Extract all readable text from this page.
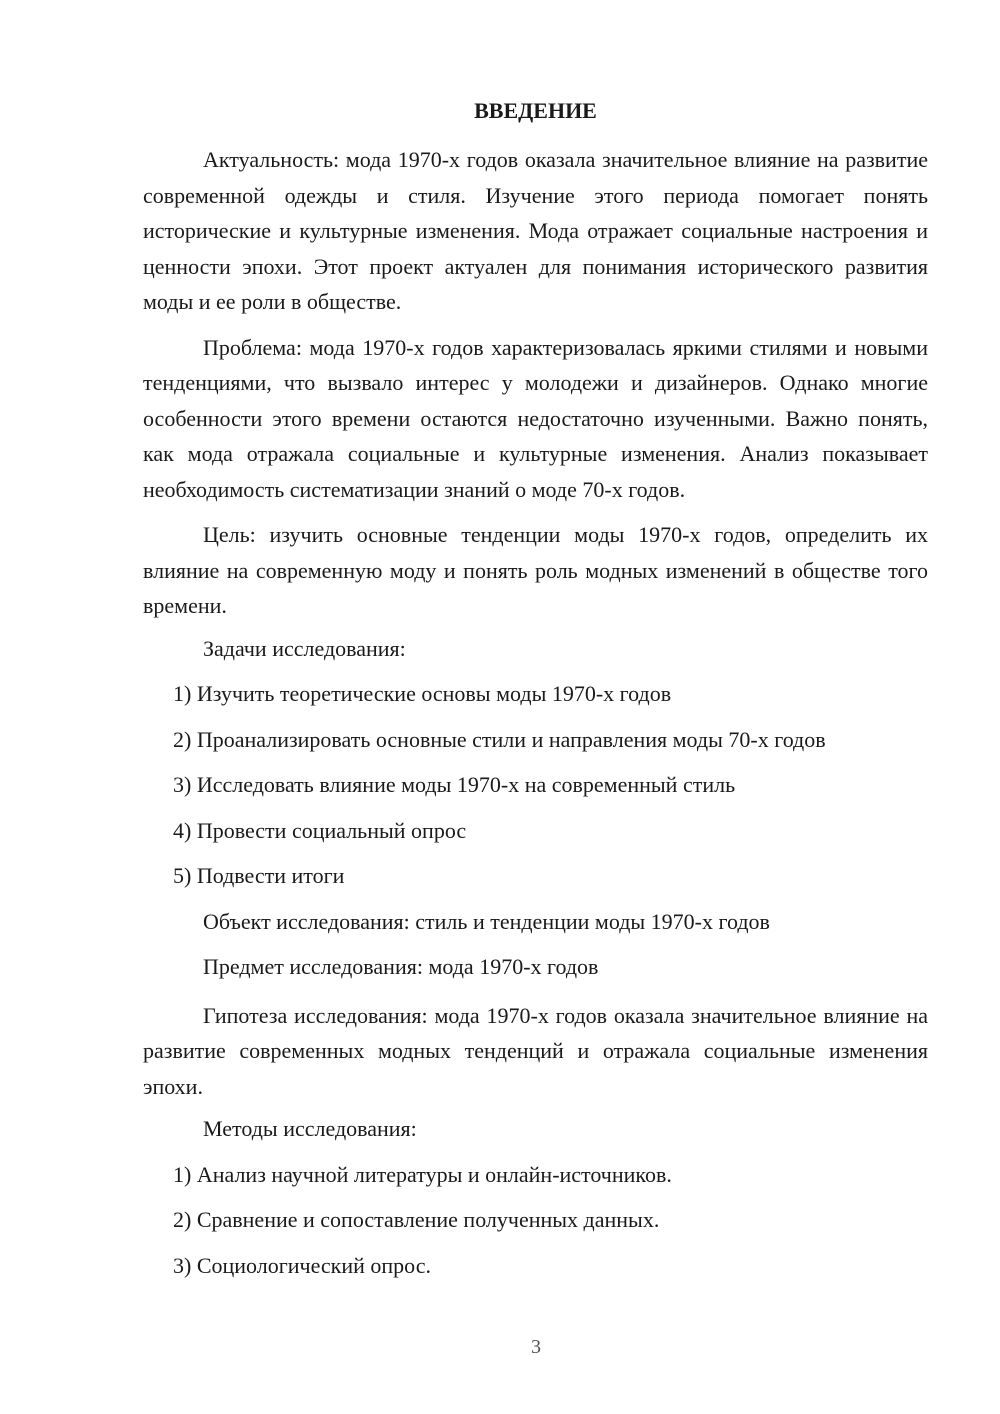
ВВЕДЕНИЕ

Актуальность: мода 1970-х годов оказала значительное влияние на развитие современной одежды и стиля. Изучение этого периода помогает понять исторические и культурные изменения. Мода отражает социальные настроения и ценности эпохи. Этот проект актуален для понимания исторического развития моды и ее роли в обществе.

Проблема: мода 1970-х годов характеризовалась яркими стилями и новыми тенденциями, что вызвало интерес у молодежи и дизайнеров. Однако многие особенности этого времени остаются недостаточно изученными. Важно понять, как мода отражала социальные и культурные изменения. Анализ показывает необходимость систематизации знаний о моде 70-х годов.

Цель: изучить основные тенденции моды 1970-х годов, определить их влияние на современную моду и понять роль модных изменений в обществе того времени.

Задачи исследования:
1) Изучить теоретические основы моды 1970-х годов
2) Проанализировать основные стили и направления моды 70-х годов
3) Исследовать влияние моды 1970-х на современный стиль
4) Провести социальный опрос
5) Подвести итоги
Объект исследования: стиль и тенденции моды 1970-х годов
Предмет исследования: мода 1970-х годов

Гипотеза исследования: мода 1970-х годов оказала значительное влияние на развитие современных модных тенденций и отражала социальные изменения эпохи.

Методы исследования:
1) Анализ научной литературы и онлайн-источников.
2) Сравнение и сопоставление полученных данных.
3) Социологический опрос.
3
